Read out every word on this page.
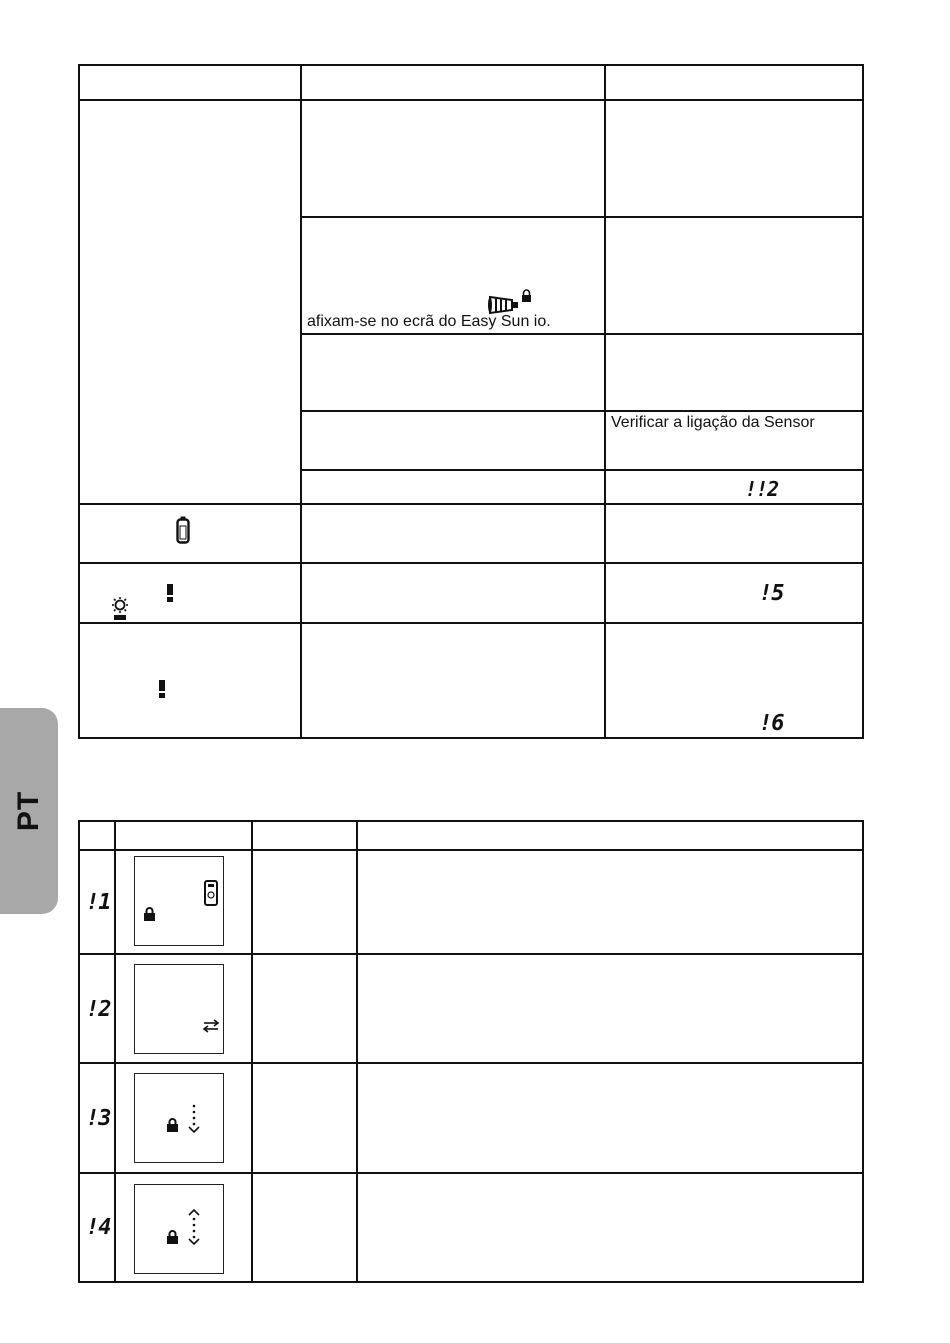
PT
afixam-se no ecrã do Easy Sun io.
Verificar a ligação da Sensor
!!2
!5
!6
!1
!2
!3
!4
